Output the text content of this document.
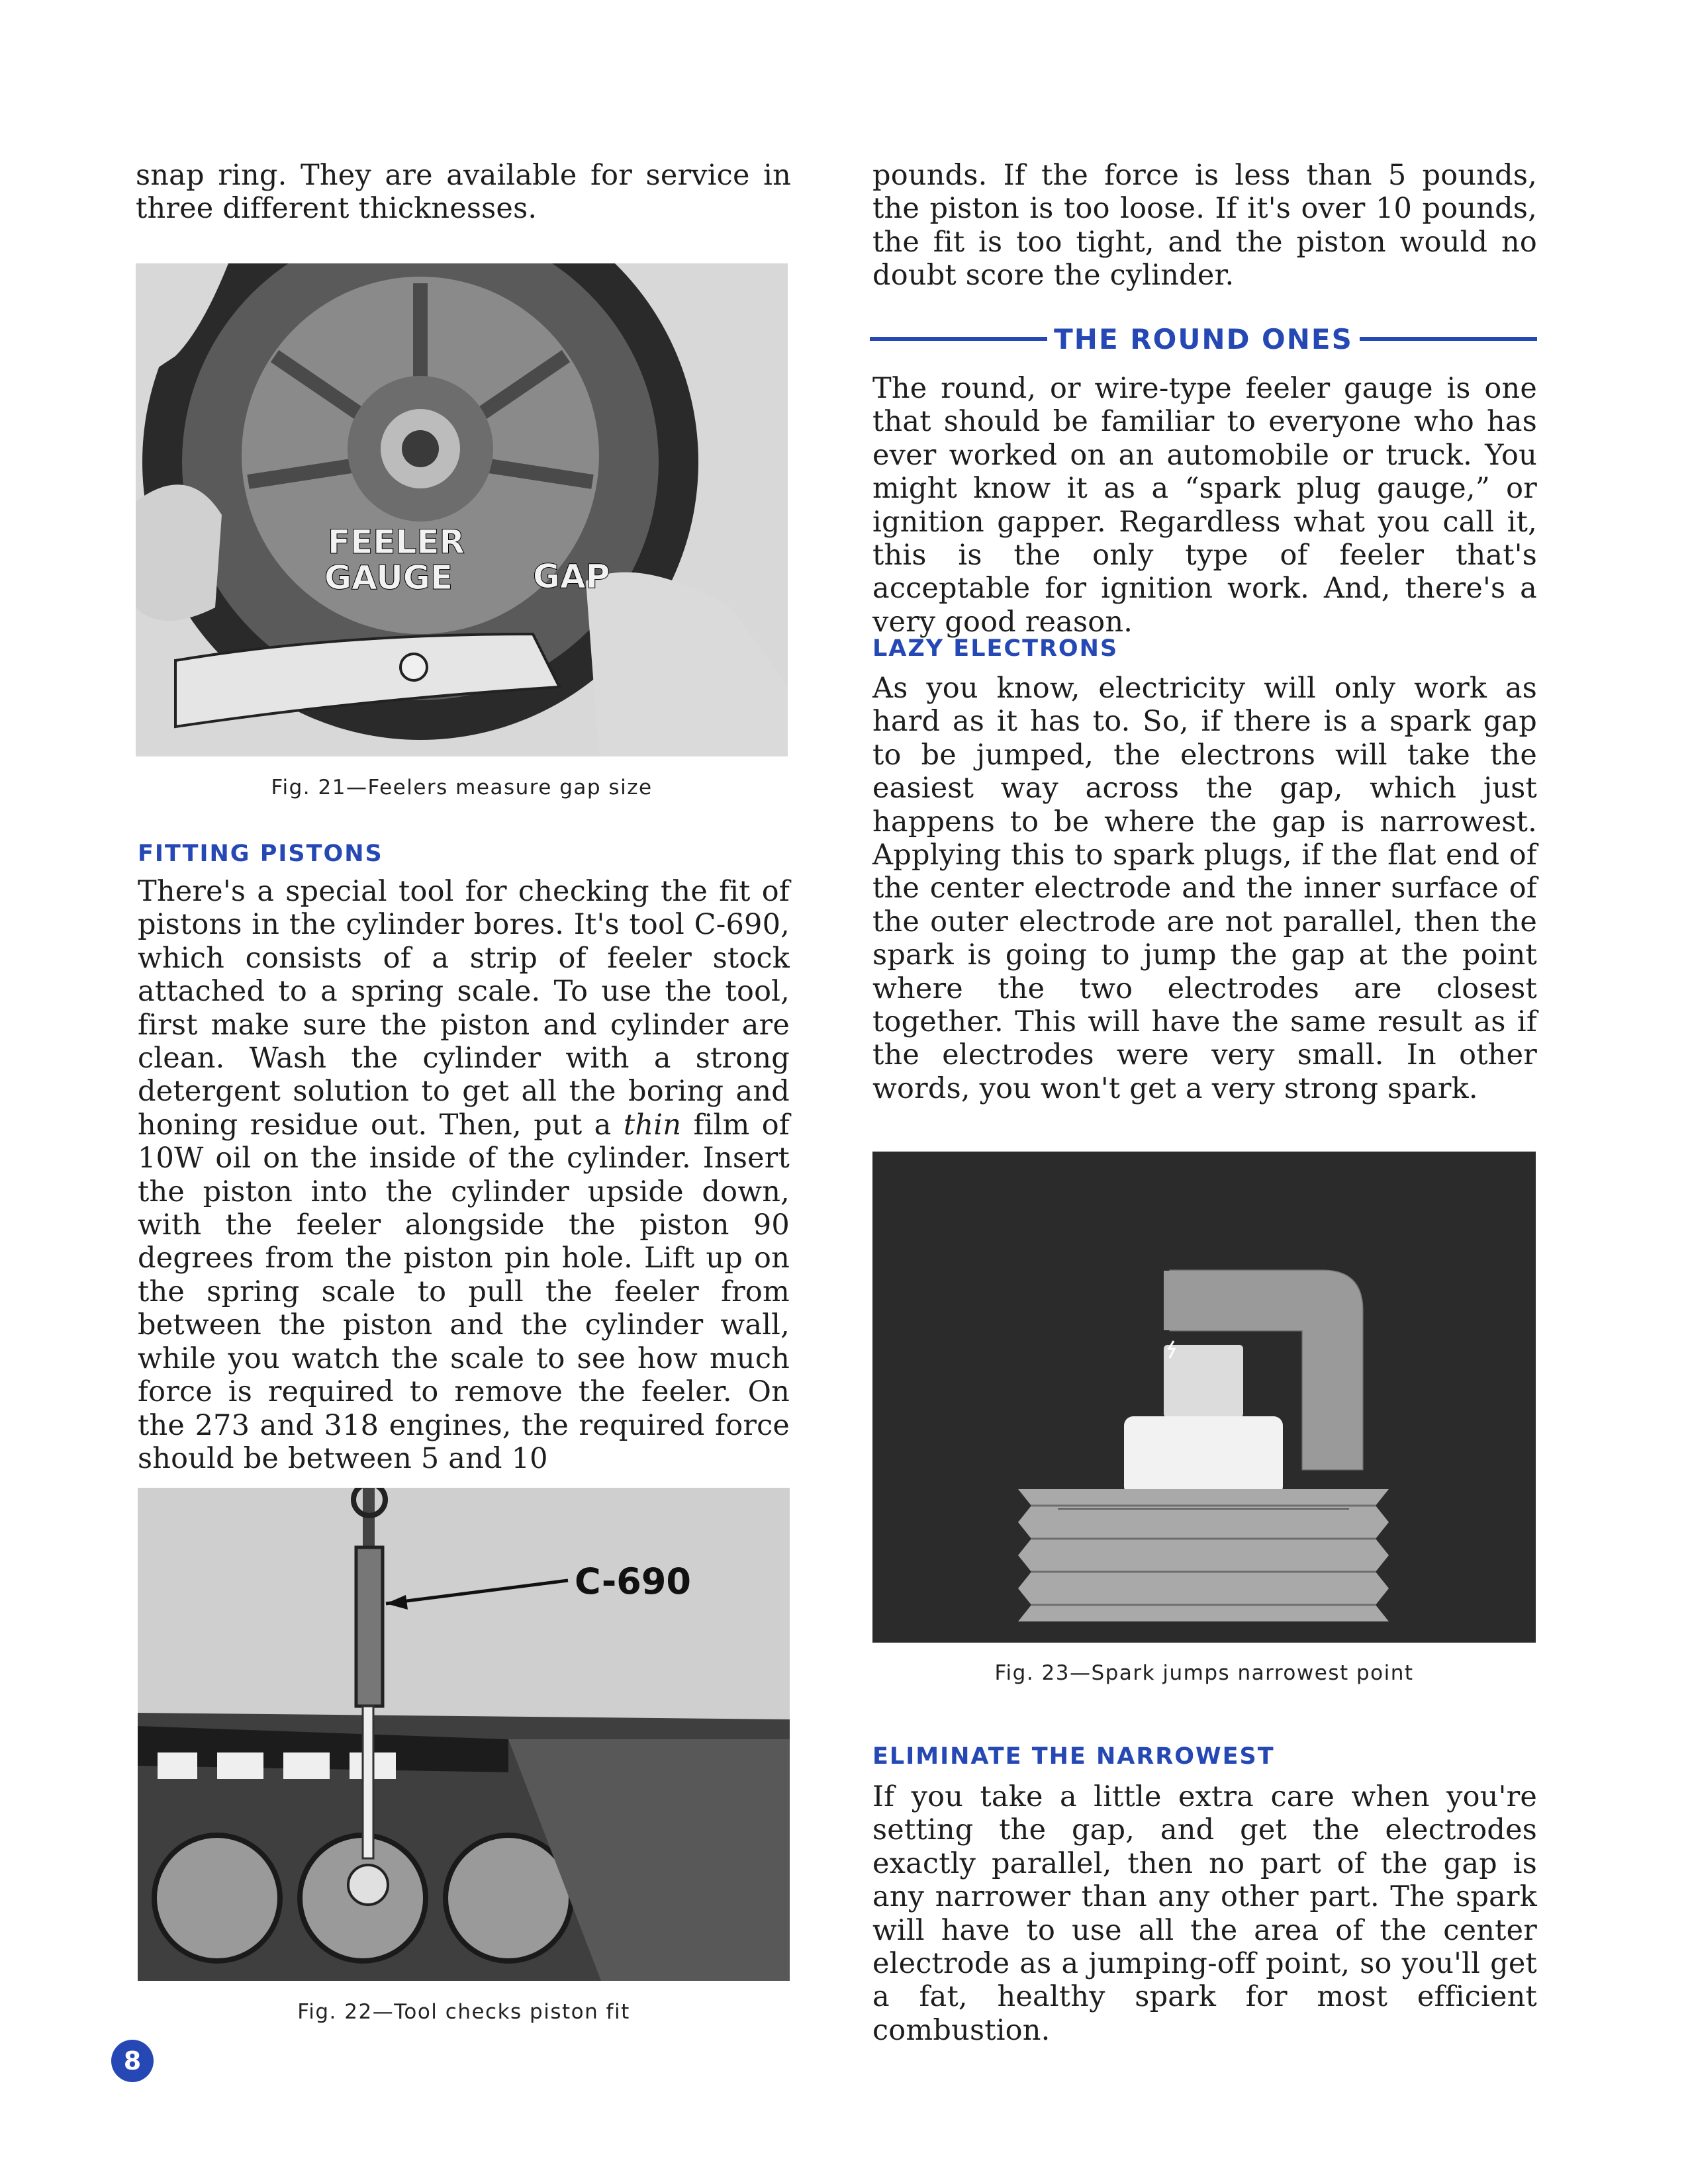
snap ring. They are available for service in three different thicknesses.

FEELER
GAUGE GAP

Fig. 21—Feelers measure gap size

FITTING PISTONS

There's a special tool for checking the fit of pistons in the cylinder bores. It's tool C-690, which consists of a strip of feeler stock attached to a spring scale. To use the tool, first make sure the piston and cylinder are clean. Wash the cylinder with a strong detergent solution to get all the boring and honing residue out. Then, put a thin film of 10W oil on the inside of the cylinder. Insert the piston into the cylinder upside down, with the feeler alongside the piston 90 degrees from the piston pin hole. Lift up on the spring scale to pull the feeler from between the piston and the cylinder wall, while you watch the scale to see how much force is required to remove the feeler. On the 273 and 318 engines, the required force should be between 5 and 10

C-690

Fig. 22—Tool checks piston fit

8

pounds. If the force is less than 5 pounds, the piston is too loose. If it's over 10 pounds, the fit is too tight, and the piston would no doubt score the cylinder.

THE ROUND ONES

The round, or wire-type feeler gauge is one that should be familiar to everyone who has ever worked on an automobile or truck. You might know it as a “spark plug gauge,” or ignition gapper. Regardless what you call it, this is the only type of feeler that's acceptable for ignition work. And, there's a very good reason.

LAZY ELECTRONS

As you know, electricity will only work as hard as it has to. So, if there is a spark gap to be jumped, the electrons will take the easiest way across the gap, which just happens to be where the gap is narrowest. Applying this to spark plugs, if the flat end of the center electrode and the inner surface of the outer electrode are not parallel, then the spark is going to jump the gap at the point where the two electrodes are closest together. This will have the same result as if the electrodes were very small. In other words, you won't get a very strong spark.

Fig. 23—Spark jumps narrowest point

ELIMINATE THE NARROWEST

If you take a little extra care when you're setting the gap, and get the electrodes exactly parallel, then no part of the gap is any narrower than any other part. The spark will have to use all the area of the center electrode as a jumping-off point, so you'll get a fat, healthy spark for most efficient combustion.
